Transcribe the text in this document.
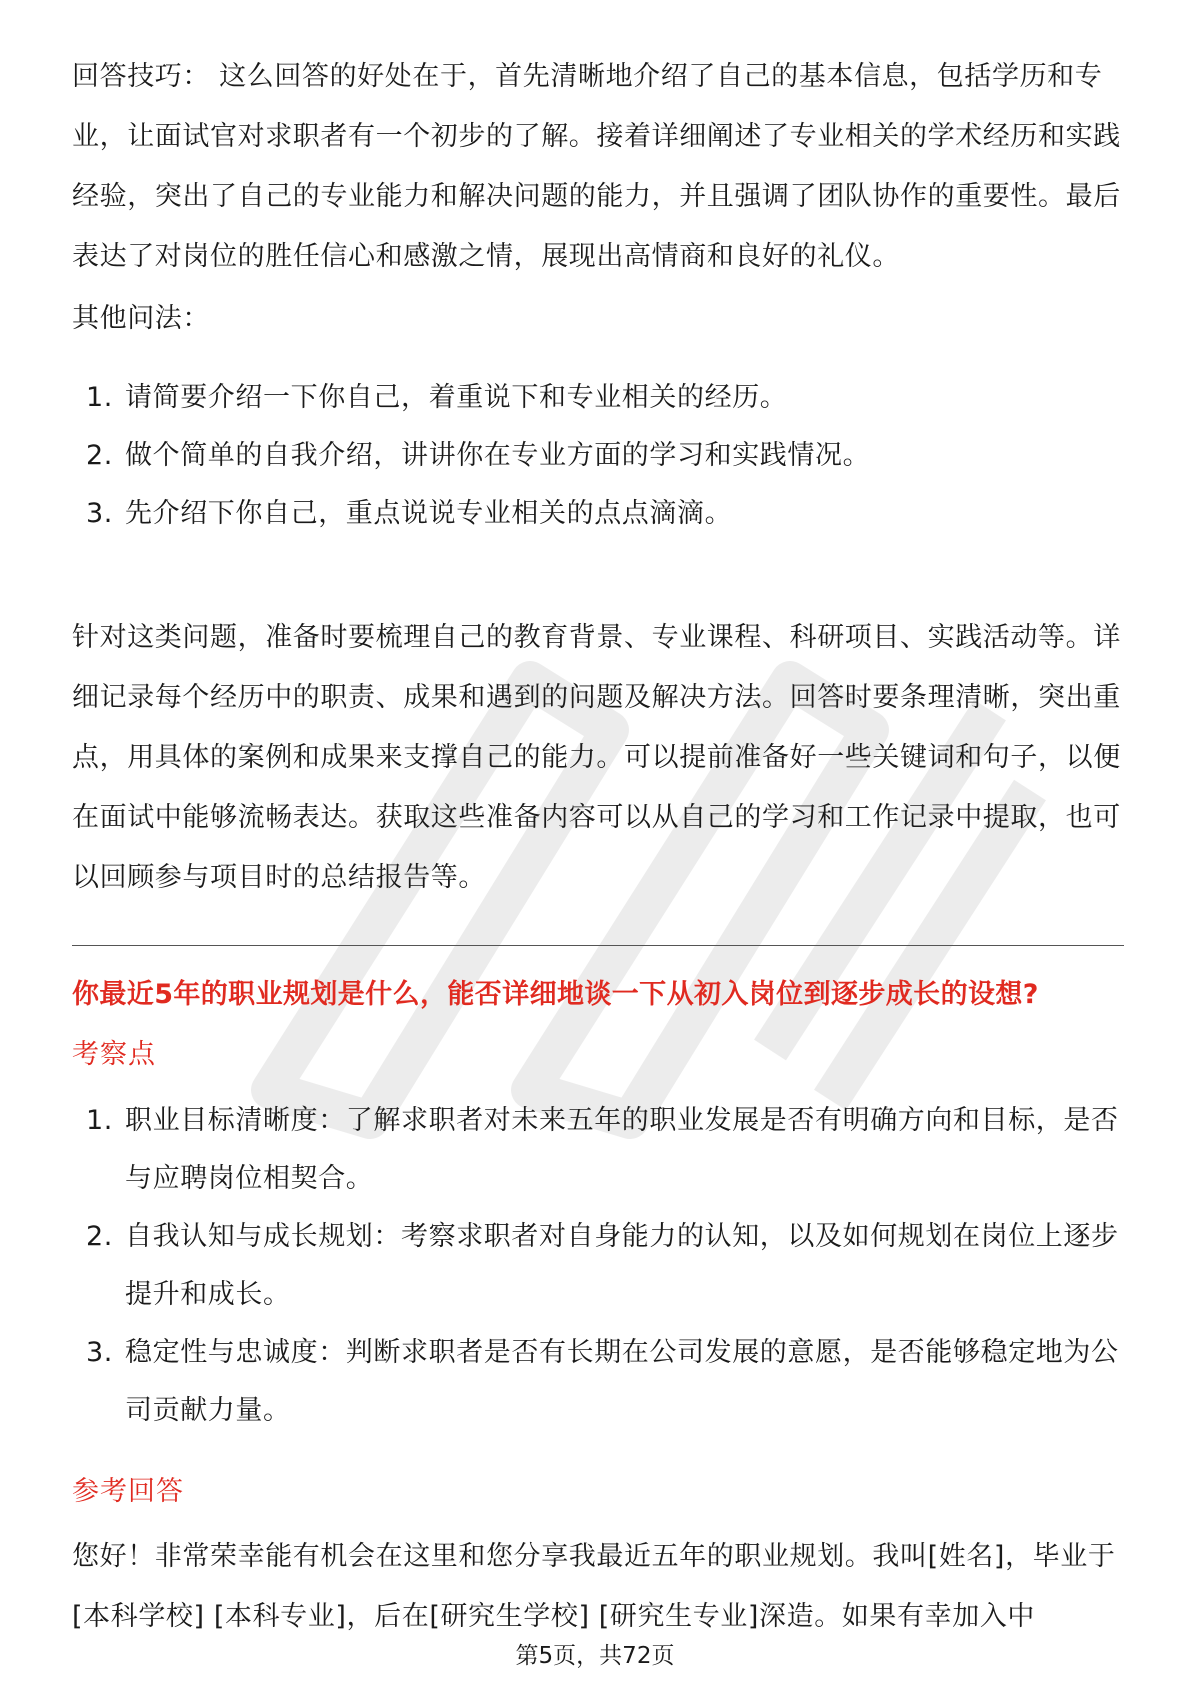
回答技巧： 这么回答的好处在于，首先清晰地介绍了自己的基本信息，包括学历和专业，让面试官对求职者有一个初步的了解。接着详细阐述了专业相关的学术经历和实践经验，突出了自己的专业能力和解决问题的能力，并且强调了团队协作的重要性。最后表达了对岗位的胜任信心和感激之情，展现出高情商和良好的礼仪。

其他问法：

1. 请简要介绍一下你自己，着重说下和专业相关的经历。
2. 做个简单的自我介绍，讲讲你在专业方面的学习和实践情况。
3. 先介绍下你自己，重点说说专业相关的点点滴滴。

针对这类问题，准备时要梳理自己的教育背景、专业课程、科研项目、实践活动等。详细记录每个经历中的职责、成果和遇到的问题及解决方法。回答时要条理清晰，突出重点，用具体的案例和成果来支撑自己的能力。可以提前准备好一些关键词和句子，以便在面试中能够流畅表达。获取这些准备内容可以从自己的学习和工作记录中提取，也可以回顾参与项目时的总结报告等。

你最近5年的职业规划是什么，能否详细地谈一下从初入岗位到逐步成长的设想?

考察点

1. 职业目标清晰度：了解求职者对未来五年的职业发展是否有明确方向和目标，是否与应聘岗位相契合。
2. 自我认知与成长规划：考察求职者对自身能力的认知，以及如何规划在岗位上逐步提升和成长。
3. 稳定性与忠诚度：判断求职者是否有长期在公司发展的意愿，是否能够稳定地为公司贡献力量。

参考回答

您好！非常荣幸能有机会在这里和您分享我最近五年的职业规划。我叫[姓名]，毕业于[本科学校] [本科专业]，后在[研究生学校] [研究生专业]深造。如果有幸加入中

第5页，共72页
